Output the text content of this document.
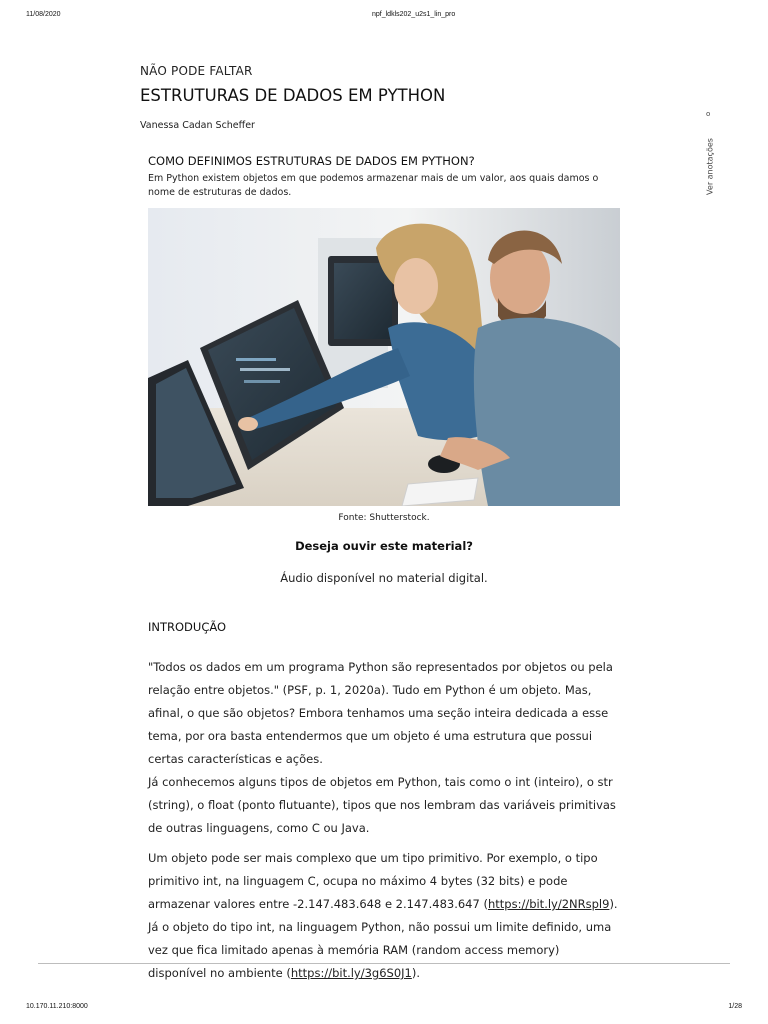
11/08/2020	npf_ldkls202_u2s1_lin_pro
NÃO PODE FALTAR
ESTRUTURAS DE DADOS EM PYTHON
Vanessa Cadan Scheffer
o
Ver anotações
COMO DEFINIMOS ESTRUTURAS DE DADOS EM PYTHON?

Em Python existem objetos em que podemos armazenar mais de um valor, aos quais damos o nome de estruturas de dados.

Fonte: Shutterstock.
Deseja ouvir este material?
Áudio disponível no material digital.
INTRODUÇÃO

"Todos os dados em um programa Python são representados por objetos ou pela relação entre objetos." (PSF, p. 1, 2020a). Tudo em Python é um objeto. Mas, afinal, o que são objetos? Embora tenhamos uma seção inteira dedicada a esse tema, por ora basta entendermos que um objeto é uma estrutura que possui certas características e ações.

Já conhecemos alguns tipos de objetos em Python, tais como o int (inteiro), o str (string), o float (ponto flutuante), tipos que nos lembram das variáveis primitivas de outras linguagens, como C ou Java.

Um objeto pode ser mais complexo que um tipo primitivo. Por exemplo, o tipo primitivo int, na linguagem C, ocupa no máximo 4 bytes (32 bits) e pode armazenar valores entre -2.147.483.648 e 2.147.483.647 (https://bit.ly/2NRspl9). Já o objeto do tipo int, na linguagem Python, não possui um limite definido, uma vez que fica limitado apenas à memória RAM (random access memory) disponível no ambiente (https://bit.ly/3g6S0J1).

10.170.11.210:8000	1/28
